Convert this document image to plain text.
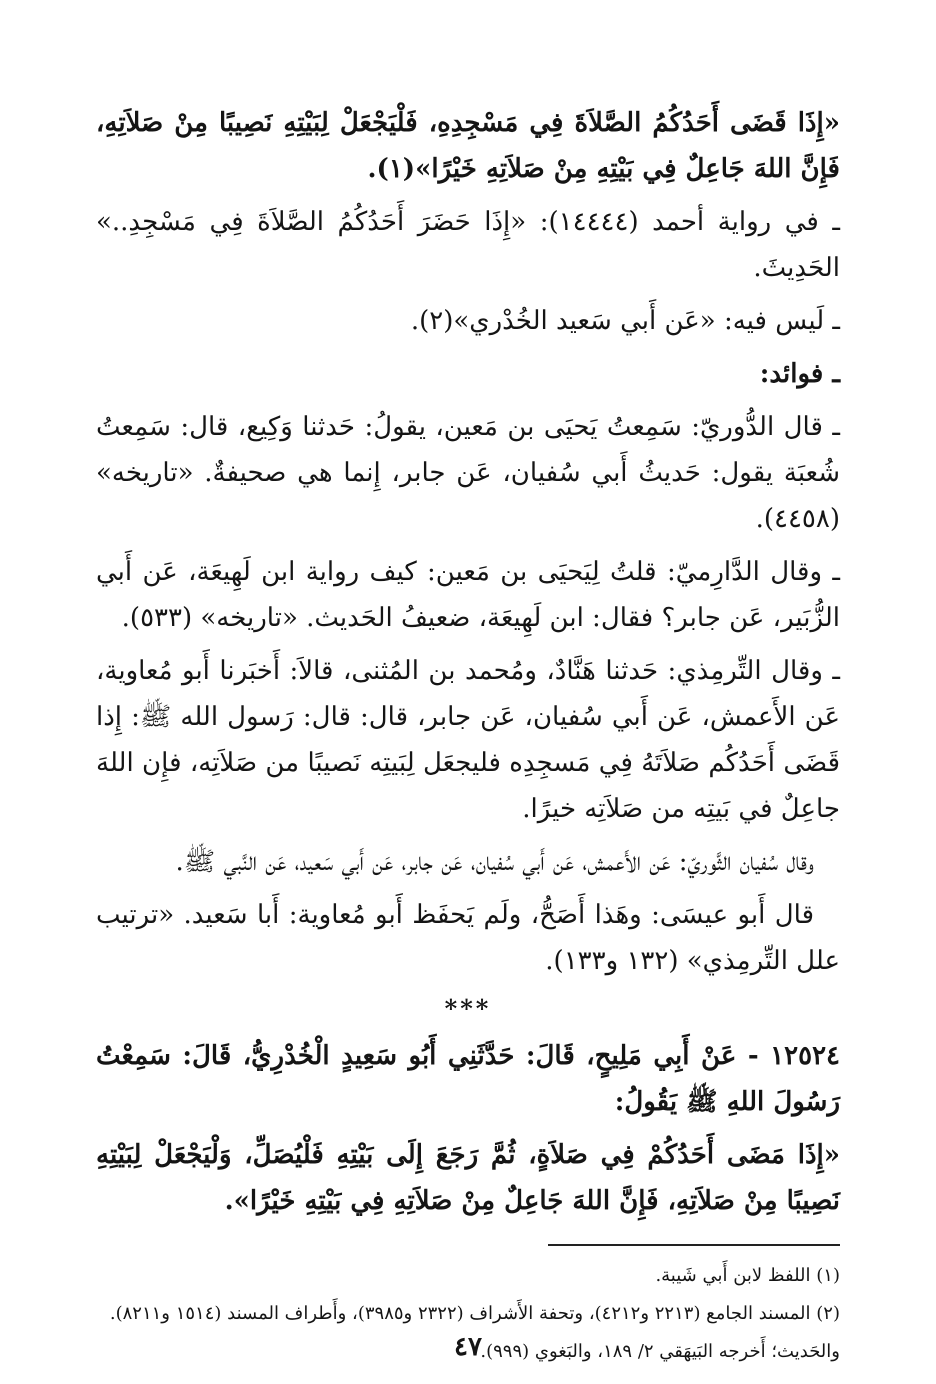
«إِذَا قَضَى أَحَدُكُمُ الصَّلاَةَ فِي مَسْجِدِهِ، فَلْيَجْعَلْ لِبَيْتِهِ نَصِيبًا مِنْ صَلاَتِهِ، فَإِنَّ اللهَ جَاعِلٌ فِي بَيْتِهِ مِنْ صَلاَتِهِ خَيْرًا»(١).

ـ في رواية أحمد (١٤٤٤٤): «إِذَا حَضَرَ أَحَدُكُمُ الصَّلاَةَ فِي مَسْجِدِ..» الحَدِيثَ.

ـ لَيس فيه: «عَن أَبي سَعيد الخُدْري»(٢).

ـ فوائد:

ـ قال الدُّوريّ: سَمِعتُ يَحيَى بن مَعين، يقولُ: حَدثنا وَكِيع، قال: سَمِعتُ شُعبَة يقول: حَديثُ أَبي سُفيان، عَن جابر، إِنما هي صحيفةٌ. «تاريخه» (٤٤٥٨).

ـ وقال الدَّارِميّ: قلتُ لِيَحيَى بن مَعين: كيف رواية ابن لَهِيعَة، عَن أَبي الزُّبَير، عَن جابر؟ فقال: ابن لَهِيعَة، ضعيفُ الحَديث. «تاريخه» (٥٣٣).

ـ وقال التِّرمِذي: حَدثنا هَنَّادٌ، ومُحمد بن المُثنى، قالاَ: أَخبَرنا أَبو مُعاوية، عَن الأَعمش، عَن أَبي سُفيان، عَن جابر، قال: قال: رَسول الله ﷺ: إِذا قَضَى أَحَدُكُم صَلاَتَهُ فِي مَسجِدِه فليجعَل لِبَيتِه نَصيبًا من صَلاَتِه، فإِن اللهَ جاعِلٌ في بَيتِه من صَلاَتِه خيرًا.

وقال سُفيان الثَّوريّ: عَن الأَعمش، عَن أَبي سُفيان، عَن جابر، عَن أَبي سَعيد، عَن النَّبي ﷺ.

قال أَبو عيسَى: وهَذا أَصَحُّ، ولَم يَحفَظ أَبو مُعاوية: أَبا سَعيد. «ترتيب علل التِّرمِذي» (١٣٢ و١٣٣).

***

١٢٥٢٤ - عَنْ أَبِي مَلِيحٍ، قَالَ: حَدَّثَنِي أَبُو سَعِيدٍ الْخُدْرِيُّ، قَالَ: سَمِعْتُ رَسُولَ اللهِ ﷺ يَقُولُ:

«إِذَا مَضَى أَحَدُكُمْ فِي صَلاَةٍ، ثُمَّ رَجَعَ إِلَى بَيْتِهِ فَلْيُصَلِّ، وَلْيَجْعَلْ لِبَيْتِهِ نَصِيبًا مِنْ صَلاَتِهِ، فَإِنَّ اللهَ جَاعِلٌ مِنْ صَلاَتِهِ فِي بَيْتِهِ خَيْرًا».

(١) اللفظ لابن أَبي شَيبة.

(٢) المسند الجامع (٢٢١٣ و٤٢١٢)، وتحفة الأَشراف (٢٣٢٢ و٣٩٨٥)، وأَطراف المسند (١٥١٤ و٨٢١١).

والحَديث؛ أَخرجه البَيهَقي ٢/ ١٨٩، والبَغوي (٩٩٩).

٤٧
